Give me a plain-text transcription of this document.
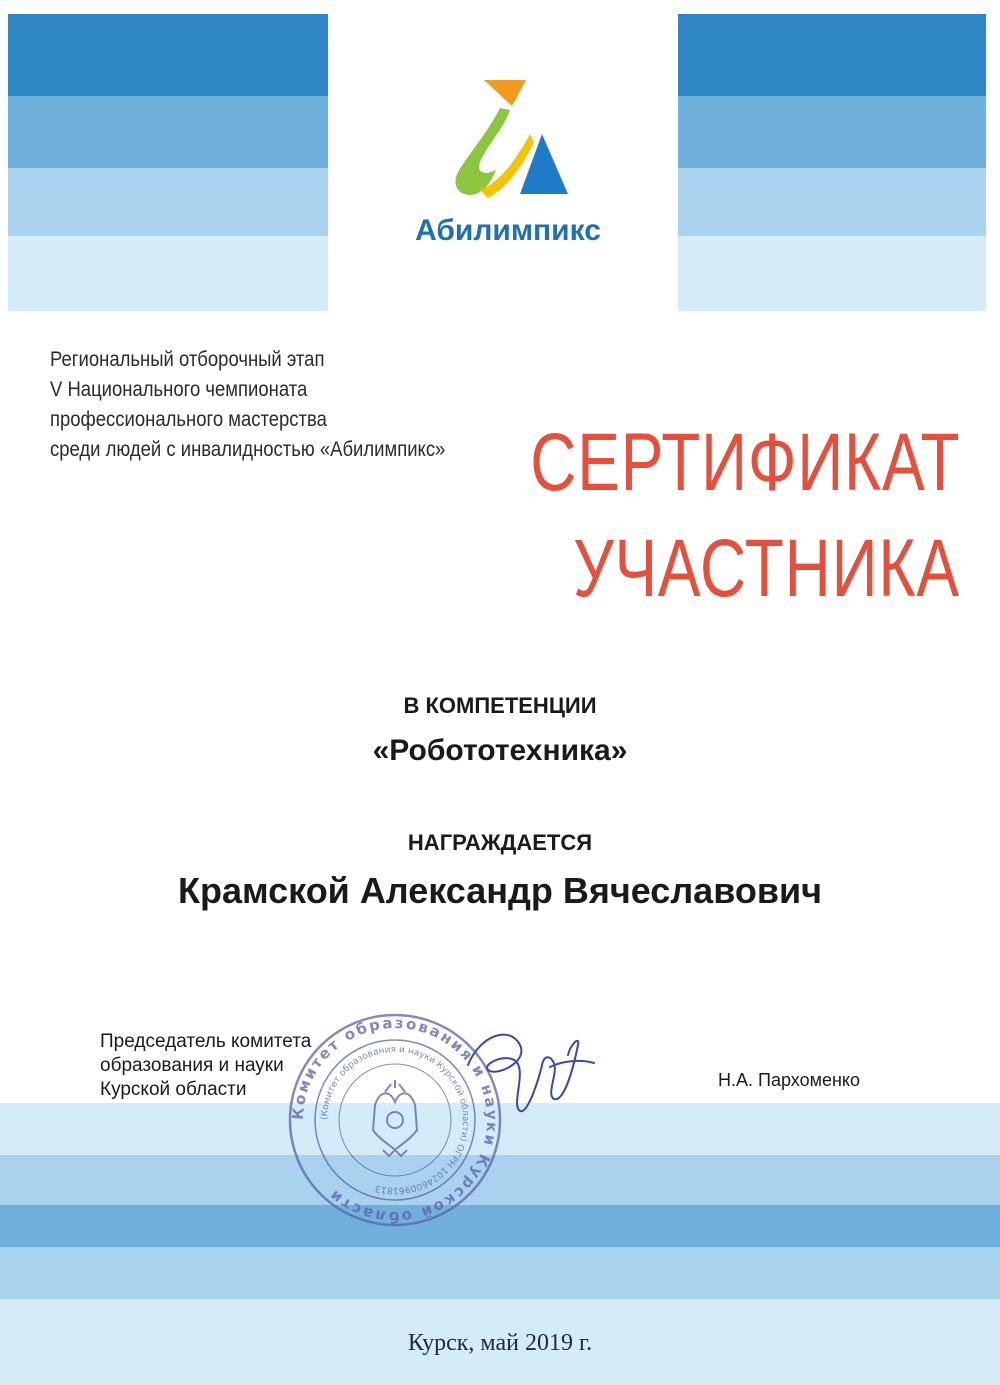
Абилимпикс
Региональный отборочный этап
V Национального чемпионата
профессионального мастерства
среди людей с инвалидностью «Абилимпикс» СЕРТИФИКАТ
УЧАСТНИКА
В КОМПЕТЕНЦИИ
«Робототехника»
НАГРАЖДАЕТСЯ
Крамской Александр Вячеславович
Председатель комитета
образования и науки
Курской области	Н.А. Пархоменко
Комитет образования и науки Курской области
(Комитет образования и науки Курской области) ОГРН 1024600961813
Курск, май 2019 г.
